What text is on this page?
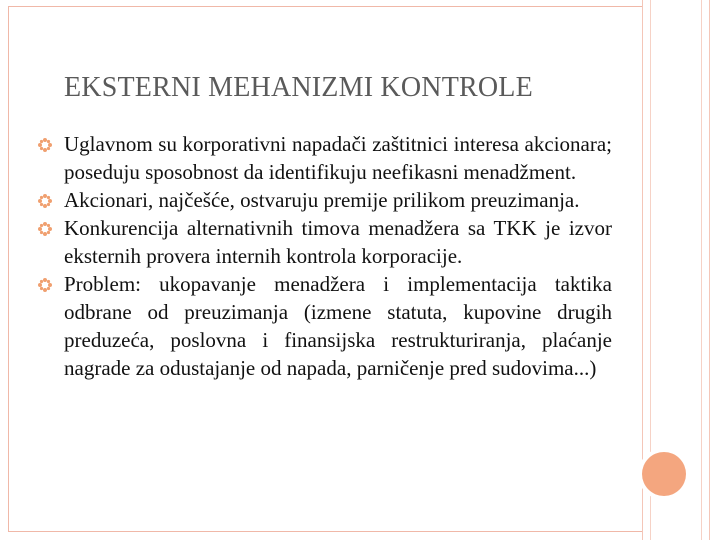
EKSTERNI MEHANIZMI KONTROLE
Uglavnom su korporativni napadači zaštitnici interesa akcionara; poseduju sposobnost da identifikuju neefikasni menadžment.
Akcionari, najčešće, ostvaruju premije prilikom preuzimanja.
Konkurencija alternativnih timova menadžera sa TKK je izvor eksternih provera internih kontrola korporacije.
Problem: ukopavanje menadžera i implementacija taktika odbrane od preuzimanja (izmene statuta, kupovine drugih preduzeća, poslovna i finansijska restrukturiranja, plaćanje nagrade za odustajanje od napada, parničenje pred sudovima...)
